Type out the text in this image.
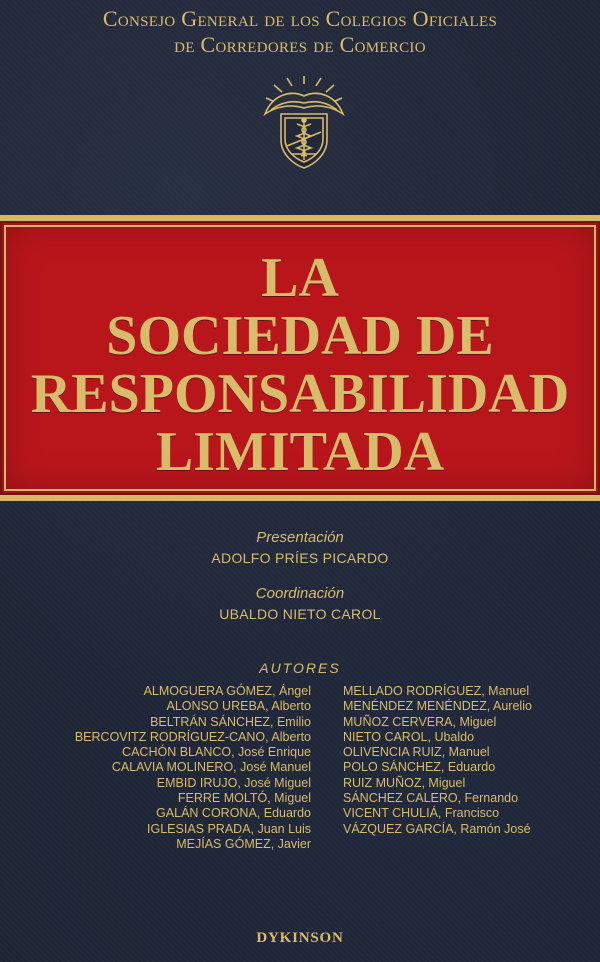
Consejo General de los Colegios Oficiales
de Corredores de Comercio
LA
SOCIEDAD DE
RESPONSABILIDAD
LIMITADA
Presentación
ADOLFO PRÍES PICARDO
Coordinación
UBALDO NIETO CAROL
AUTORES
ALMOGUERA GÓMEZ, Ángel
ALONSO UREBA, Alberto
BELTRÁN SÁNCHEZ, Emilio
BERCOVITZ RODRÍGUEZ-CANO, Alberto
CACHÓN BLANCO, José Enrique
CALAVIA MOLINERO, José Manuel
EMBID IRUJO, José Miguel
FERRE MOLTÓ, Miguel
GALÁN CORONA, Eduardo
IGLESIAS PRADA, Juan Luis
MEJÍAS GÓMEZ, Javier
MELLADO RODRÍGUEZ, Manuel
MENÉNDEZ MENÉNDEZ, Aurelio
MUÑOZ CERVERA, Miguel
NIETO CAROL, Ubaldo
OLIVENCIA RUIZ, Manuel
POLO SÁNCHEZ, Eduardo
RUIZ MUÑOZ, Miguel
SÁNCHEZ CALERO, Fernando
VICENT CHULIÁ, Francisco
VÁZQUEZ GARCÍA, Ramón José
DYKINSON
